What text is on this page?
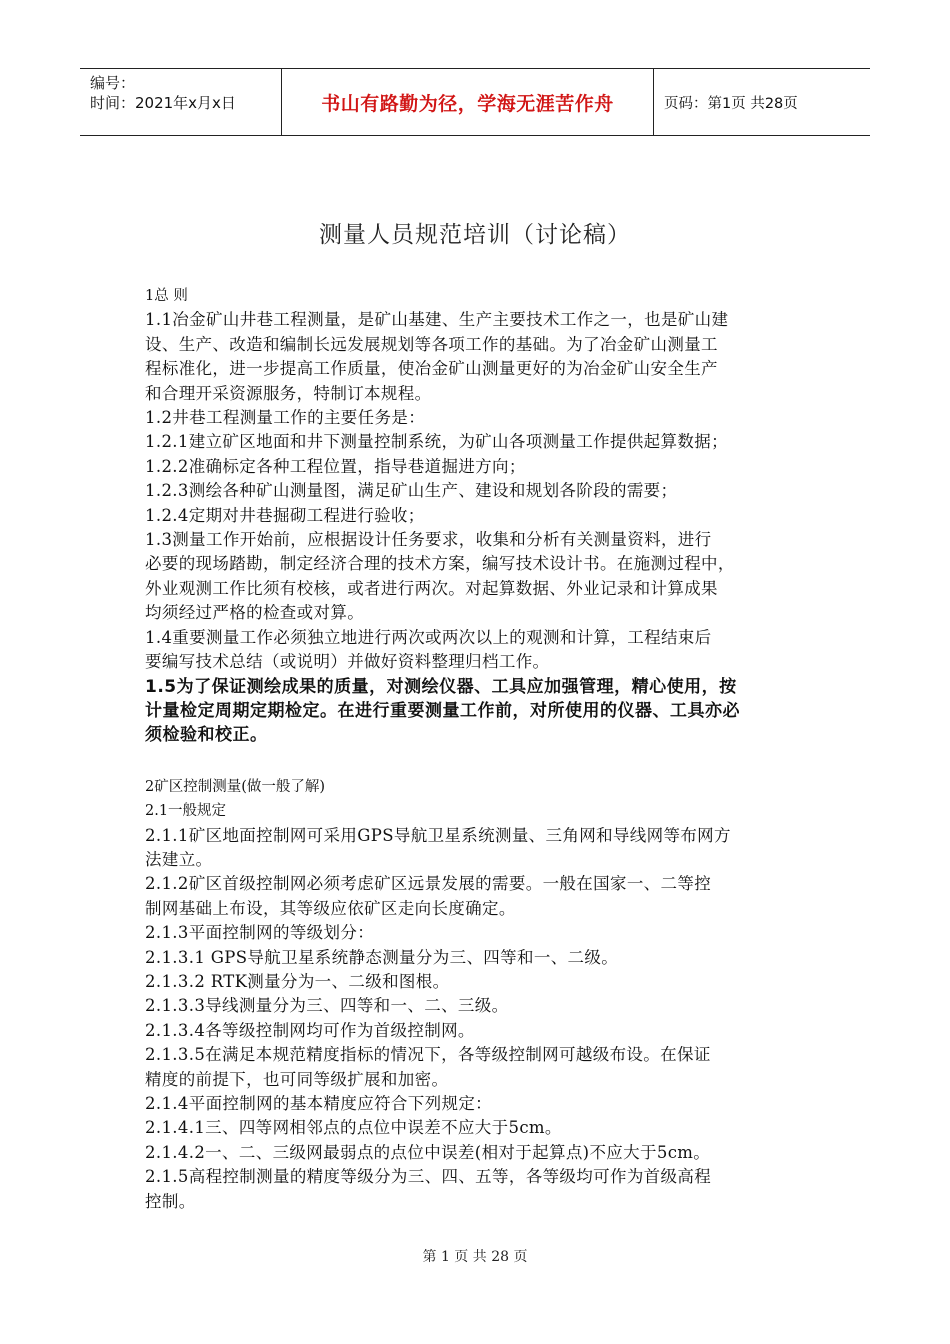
编号：
时间：2021年x月x日	书山有路勤为径，学海无涯苦作舟	页码：第1页 共28页
测量人员规范培训（讨论稿）
1总 则
1.1冶金矿山井巷工程测量，是矿山基建、生产主要技术工作之一，也是矿山建
设、生产、改造和编制长远发展规划等各项工作的基础。为了冶金矿山测量工
程标准化，进一步提高工作质量，使冶金矿山测量更好的为冶金矿山安全生产
和合理开采资源服务，特制订本规程。
1.2井巷工程测量工作的主要任务是：
1.2.1建立矿区地面和井下测量控制系统，为矿山各项测量工作提供起算数据；
1.2.2准确标定各种工程位置，指导巷道掘进方向；
1.2.3测绘各种矿山测量图，满足矿山生产、建设和规划各阶段的需要；
1.2.4定期对井巷掘砌工程进行验收；
1.3测量工作开始前，应根据设计任务要求，收集和分析有关测量资料，进行
必要的现场踏勘，制定经济合理的技术方案，编写技术设计书。在施测过程中，
外业观测工作比须有校核，或者进行两次。对起算数据、外业记录和计算成果
均须经过严格的检查或对算。
1.4重要测量工作必须独立地进行两次或两次以上的观测和计算，工程结束后
要编写技术总结（或说明）并做好资料整理归档工作。
1.5为了保证测绘成果的质量，对测绘仪器、工具应加强管理，精心使用，按
计量检定周期定期检定。在进行重要测量工作前，对所使用的仪器、工具亦必
须检验和校正。
2矿区控制测量(做一般了解)
2.1一般规定
2.1.1矿区地面控制网可采用GPS导航卫星系统测量、三角网和导线网等布网方
法建立。
2.1.2矿区首级控制网必须考虑矿区远景发展的需要。一般在国家一、二等控
制网基础上布设，其等级应依矿区走向长度确定。
2.1.3平面控制网的等级划分：
2.1.3.1 GPS导航卫星系统静态测量分为三、四等和一、二级。
2.1.3.2 RTK测量分为一、二级和图根。
2.1.3.3导线测量分为三、四等和一、二、三级。
2.1.3.4各等级控制网均可作为首级控制网。
2.1.3.5在满足本规范精度指标的情况下，各等级控制网可越级布设。在保证
精度的前提下，也可同等级扩展和加密。
2.1.4平面控制网的基本精度应符合下列规定：
2.1.4.1三、四等网相邻点的点位中误差不应大于5cm。
2.1.4.2一、二、三级网最弱点的点位中误差(相对于起算点)不应大于5cm。
2.1.5高程控制测量的精度等级分为三、四、五等，各等级均可作为首级高程
控制。
第 1 页 共 28 页
